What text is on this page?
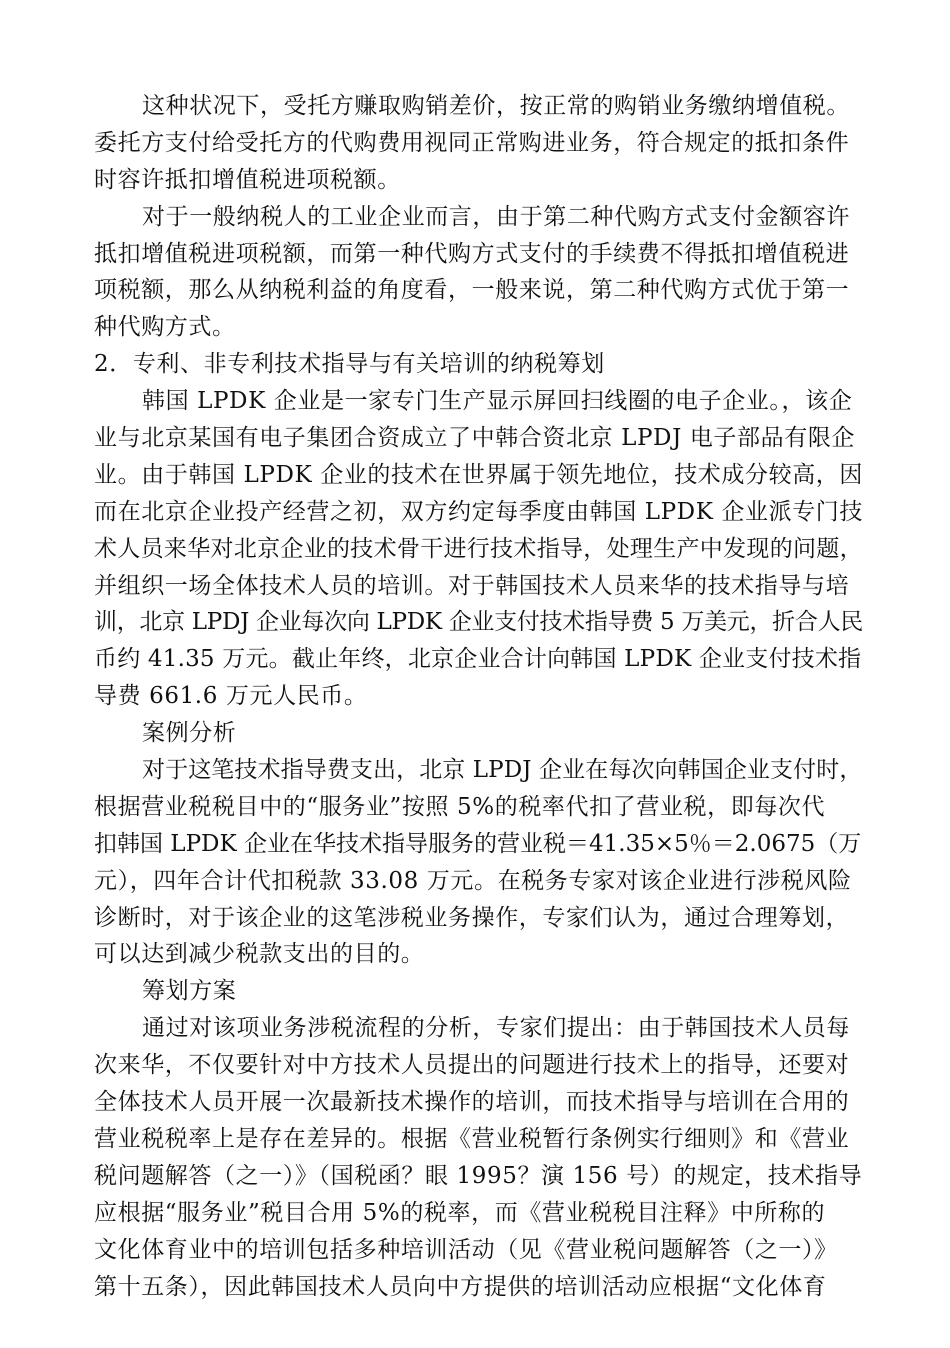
这种状况下，受托方赚取购销差价，按正常的购销业务缴纳增值税。
委托方支付给受托方的代购费用视同正常购进业务，符合规定的抵扣条件
时容许抵扣增值税进项税额。
对于一般纳税人的工业企业而言，由于第二种代购方式支付金额容许
抵扣增值税进项税额，而第一种代购方式支付的手续费不得抵扣增值税进
项税额，那么从纳税利益的角度看，一般来说，第二种代购方式优于第一
种代购方式。
2．专利、非专利技术指导与有关培训的纳税筹划
韩国 LPDK 企业是一家专门生产显示屏回扫线圈的电子企业。，该企
业与北京某国有电子集团合资成立了中韩合资北京 LPDJ 电子部品有限企
业。由于韩国 LPDK 企业的技术在世界属于领先地位，技术成分较高，因
而在北京企业投产经营之初，双方约定每季度由韩国 LPDK 企业派专门技
术人员来华对北京企业的技术骨干进行技术指导，处理生产中发现的问题，
并组织一场全体技术人员的培训。对于韩国技术人员来华的技术指导与培
训，北京 LPDJ 企业每次向 LPDK 企业支付技术指导费 5 万美元，折合人民
币约 41.35 万元。截止年终，北京企业合计向韩国 LPDK 企业支付技术指
导费 661.6 万元人民币。
案例分析
对于这笔技术指导费支出，北京 LPDJ 企业在每次向韩国企业支付时，
根据营业税税目中的“服务业”按照 5%的税率代扣了营业税，即每次代
扣韩国 LPDK 企业在华技术指导服务的营业税＝41.35×5％＝2.0675（万
元），四年合计代扣税款 33.08 万元。在税务专家对该企业进行涉税风险
诊断时，对于该企业的这笔涉税业务操作，专家们认为，通过合理筹划，
可以达到减少税款支出的目的。
筹划方案
通过对该项业务涉税流程的分析，专家们提出：由于韩国技术人员每
次来华，不仅要针对中方技术人员提出的问题进行技术上的指导，还要对
全体技术人员开展一次最新技术操作的培训，而技术指导与培训在合用的
营业税税率上是存在差异的。根据《营业税暂行条例实行细则》和《营业
税问题解答（之一）》（国税函？眼 1995？演 156 号）的规定，技术指导
应根据“服务业”税目合用 5%的税率，而《营业税税目注释》中所称的
文化体育业中的培训包括多种培训活动（见《营业税问题解答（之一）》
第十五条），因此韩国技术人员向中方提供的培训活动应根据“文化体育
